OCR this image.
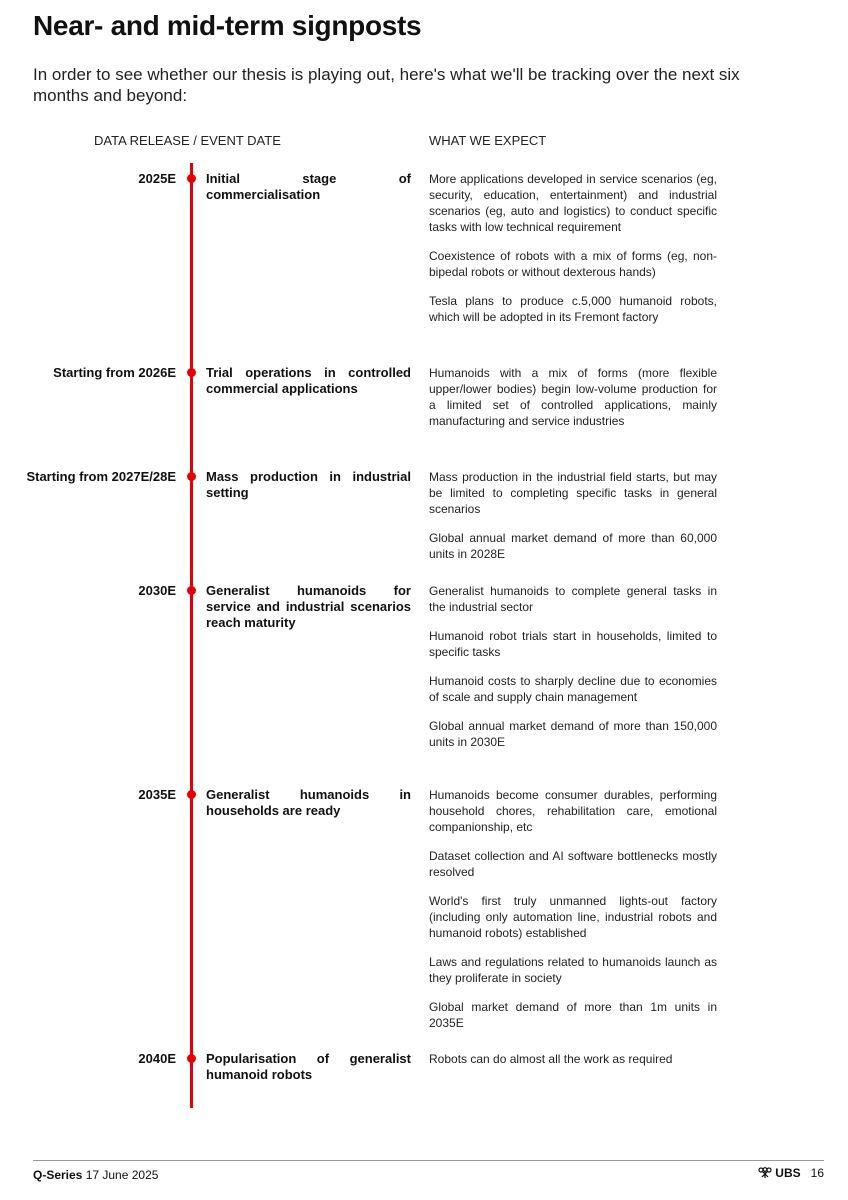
Near- and mid-term signposts
In order to see whether our thesis is playing out, here's what we'll be tracking over the next six months and beyond:
DATA RELEASE / EVENT DATE	WHAT WE EXPECT
2025E Initial stage of commercialisation
More applications developed in service scenarios (eg, security, education, entertainment) and industrial scenarios (eg, auto and logistics) to conduct specific tasks with low technical requirement
Coexistence of robots with a mix of forms (eg, non-bipedal robots or without dexterous hands)
Tesla plans to produce c.5,000 humanoid robots, which will be adopted in its Fremont factory
Starting from 2026E Trial operations in controlled commercial applications
Humanoids with a mix of forms (more flexible upper/lower bodies) begin low-volume production for a limited set of controlled applications, mainly manufacturing and service industries
Starting from 2027E/28E Mass production in industrial setting
Mass production in the industrial field starts, but may be limited to completing specific tasks in general scenarios
Global annual market demand of more than 60,000 units in 2028E
2030E Generalist humanoids for service and industrial scenarios reach maturity
Generalist humanoids to complete general tasks in the industrial sector
Humanoid robot trials start in households, limited to specific tasks
Humanoid costs to sharply decline due to economies of scale and supply chain management
Global annual market demand of more than 150,000 units in 2030E
2035E Generalist humanoids in households are ready
Humanoids become consumer durables, performing household chores, rehabilitation care, emotional companionship, etc
Dataset collection and AI software bottlenecks mostly resolved
World's first truly unmanned lights-out factory (including only automation line, industrial robots and humanoid robots) established
Laws and regulations related to humanoids launch as they proliferate in society
Global market demand of more than 1m units in 2035E
2040E Popularisation of generalist humanoid robots
Robots can do almost all the work as required
Q-Series 17 June 2025	UBS 16
